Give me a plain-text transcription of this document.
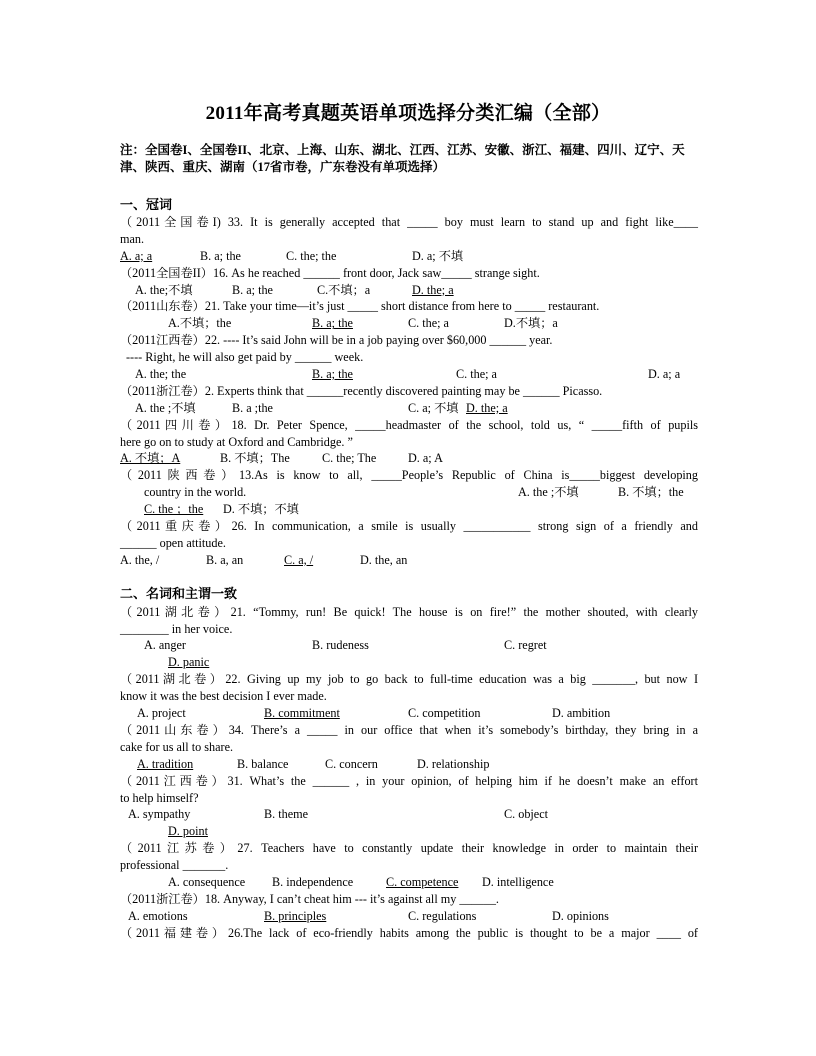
2011年高考真题英语单项选择分类汇编（全部）
注：全国卷I、全国卷II、北京、上海、山东、湖北、江西、江苏、安徽、浙江、福建、四川、辽宁、天津、陕西、重庆、湖南（17省市卷，广东卷没有单项选择）
一、冠词
（2011全国卷I) 33. It is generally accepted that _____ boy must learn to stand up and fight like____
man.
A. a; a	B. a; the	C. the; the	D. a; 不填
（2011全国卷II）16. As he reached ______ front door, Jack saw_____ strange sight.
A. the;不填	B. a; the	C.不填；a	D. the; a
（2011山东卷）21. Take your time—it’s just _____ short distance from here to _____ restaurant.
A.不填；the	B. a; the	C. the; a	D.不填；a
（2011江西卷）22. ---- It’s said John will be in a job paying over $60,000 ______ year.
---- Right, he will also get paid by ______ week.
A. the; the	B. a; the	C. the; a	D. a; a
（2011浙江卷）2. Experts think that ______recently discovered painting may be ______ Picasso.
A. the ;不填	B. a ;the	C. a; 不填 D. the; a
（2011四川卷）18. Dr. Peter Spence, _____headmaster of the school, told us, “ _____fifth of pupils
here go on to study at Oxford and Cambridge. ”
A. 不填；A	B. 不填；The	C. the; The	D. a; A
（2011陕西卷）13.As is know to all, _____People’s Republic of China is_____biggest developing
country in the world.	A. the ;不填	B. 不填；the
C. the ；the D. 不填；不填
（2011重庆卷）26. In communication, a smile is usually ___________ strong sign of a friendly and
______ open attitude.
A. the, /	B. a, an	C. a, /	D. the, an
二、名词和主谓一致
（2011湖北卷）21. “Tommy, run! Be quick! The house is on fire!” the mother shouted, with clearly
________ in her voice.
A. anger	B. rudeness	C. regret
D. panic
（2011湖北卷）22. Giving up my job to go back to full-time education was a big _______, but now I
know it was the best decision I ever made.
A. project	B. commitment	C. competition	D. ambition
（2011山东卷）34. There’s a _____ in our office that when it’s somebody’s birthday, they bring in a
cake for us all to share.
A. tradition	B. balance	C. concern	D. relationship
（2011江西卷）31. What’s the ______ , in your opinion, of helping him if he doesn’t make an effort
to help himself?
A. sympathy	B. theme	C. object
D. point
（2011江苏卷）27. Teachers have to constantly update their knowledge in order to maintain their
professional _______.
A. consequence B. independence	C. competence D. intelligence
（2011浙江卷）18. Anyway, I can’t cheat him --- it’s against all my ______.
A. emotions	B. principles	C. regulations	D. opinions
（2011福建卷）26.The lack of eco-friendly habits among the public is thought to be a major ____ of
